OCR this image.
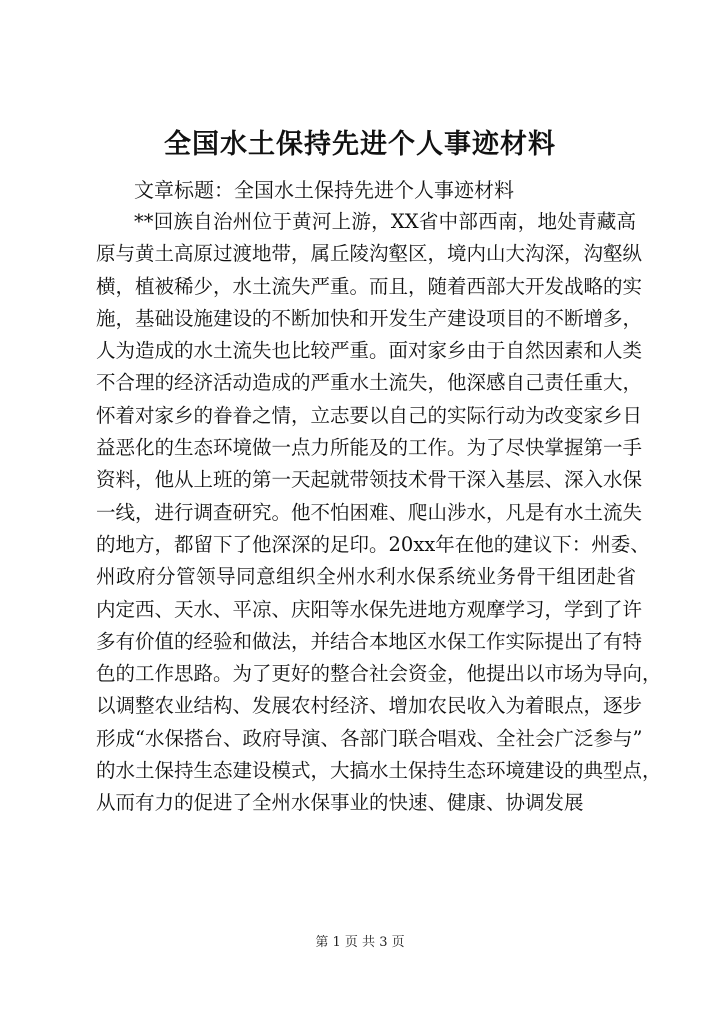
全国水土保持先进个人事迹材料
文章标题：全国水土保持先进个人事迹材料
**回族自治州位于黄河上游，XX省中部西南，地处青藏高
原与黄土高原过渡地带，属丘陵沟壑区，境内山大沟深，沟壑纵
横，植被稀少，水土流失严重。而且，随着西部大开发战略的实
施，基础设施建设的不断加快和开发生产建设项目的不断增多，
人为造成的水土流失也比较严重。面对家乡由于自然因素和人类
不合理的经济活动造成的严重水土流失，他深感自己责任重大，
怀着对家乡的眷眷之情，立志要以自己的实际行动为改变家乡日
益恶化的生态环境做一点力所能及的工作。为了尽快掌握第一手
资料，他从上班的第一天起就带领技术骨干深入基层、深入水保
一线，进行调查研究。他不怕困难、爬山涉水，凡是有水土流失
的地方，都留下了他深深的足印。20xx年在他的建议下：州委、
州政府分管领导同意组织全州水利水保系统业务骨干组团赴省
内定西、天水、平凉、庆阳等水保先进地方观摩学习，学到了许
多有价值的经验和做法，并结合本地区水保工作实际提出了有特
色的工作思路。为了更好的整合社会资金，他提出以市场为导向，
以调整农业结构、发展农村经济、增加农民收入为着眼点，逐步
形成“水保搭台、政府导演、各部门联合唱戏、全社会广泛参与”
的水土保持生态建设模式，大搞水土保持生态环境建设的典型点，
从而有力的促进了全州水保事业的快速、健康、协调发展
第 1 页 共 3 页
